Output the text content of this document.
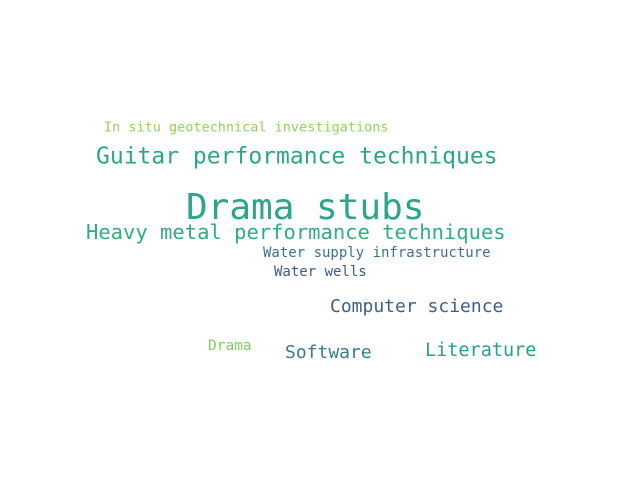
Drama stubs
Guitar performance techniques
Heavy metal performance techniques
In situ geotechnical investigations
Water supply infrastructure
Water wells
Computer science
Software	Literature
Drama
